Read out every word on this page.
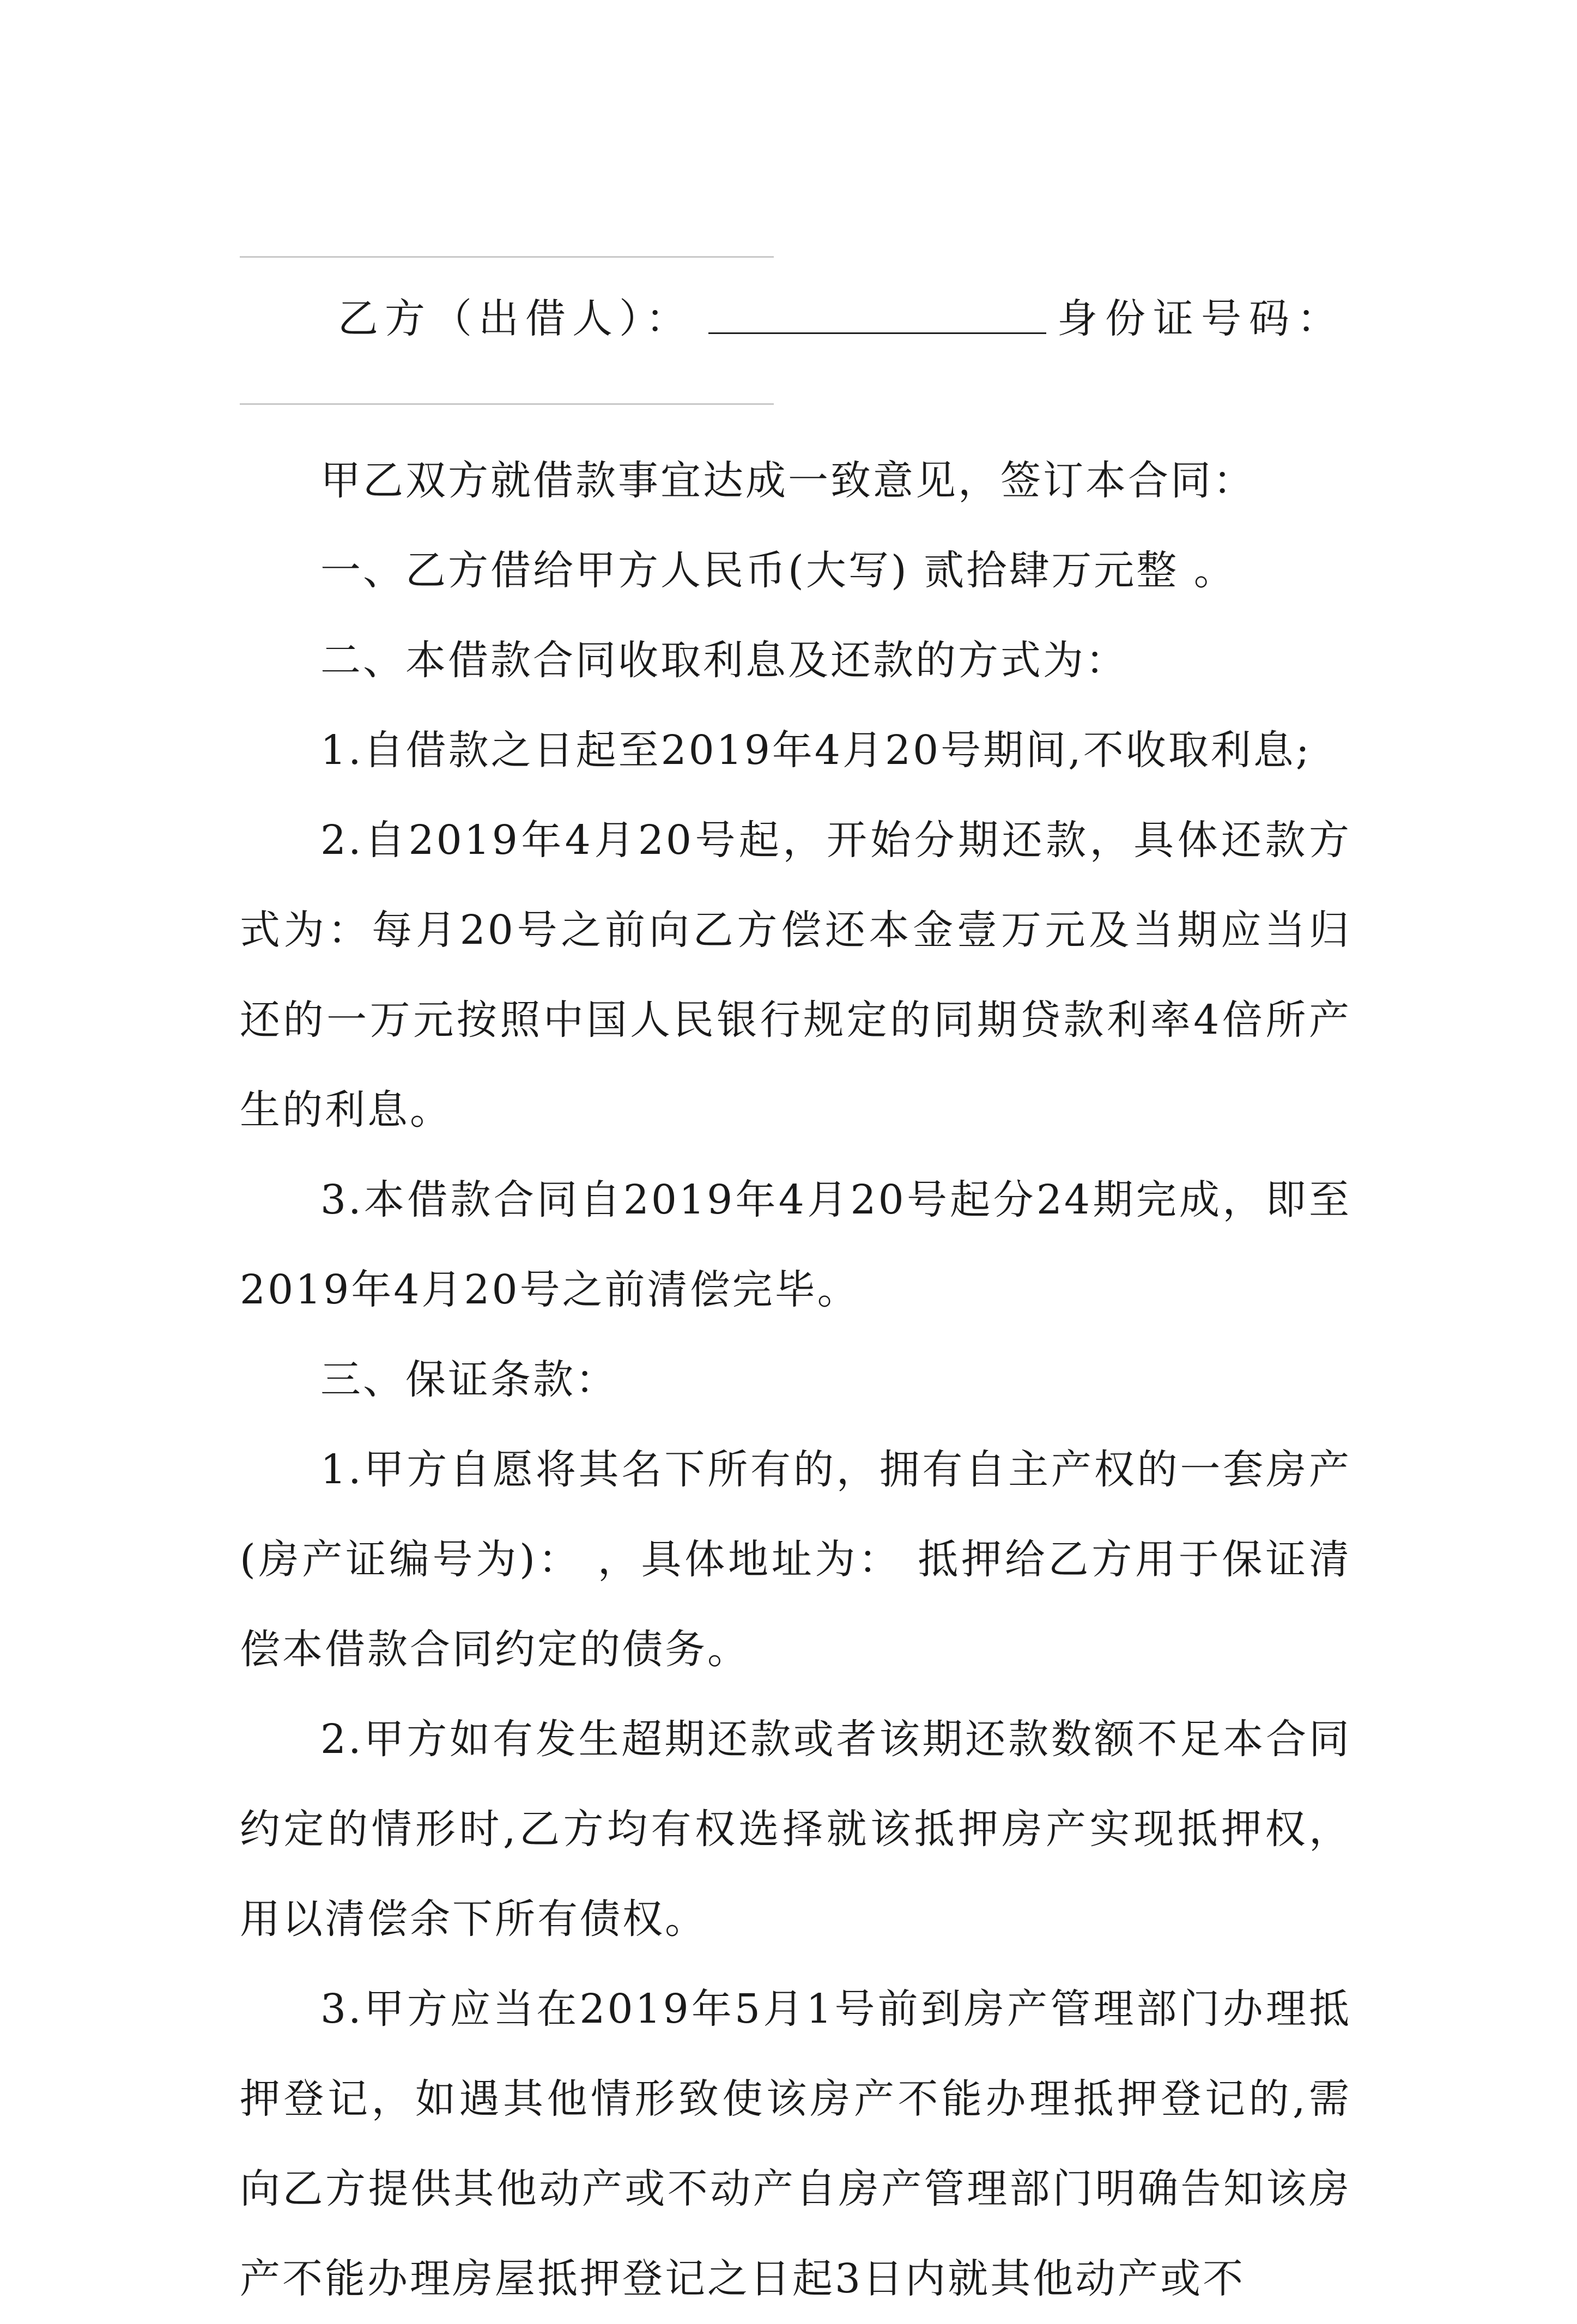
乙方（出借人）：	身份证号码：

甲乙双方就借款事宜达成一致意见，签订本合同：

一、乙方借给甲方人民币(大写) 贰拾肆万元整 。

二、本借款合同收取利息及还款的方式为：

1.自借款之日起至2019年4月20号期间,不收取利息;

2.自2019年4月20号起，开始分期还款，具体还款方式为：每月20号之前向乙方偿还本金壹万元及当期应当归还的一万元按照中国人民银行规定的同期贷款利率4倍所产生的利息。

3.本借款合同自2019年4月20号起分24期完成，即至2019年4月20号之前清偿完毕。

三、保证条款：

1.甲方自愿将其名下所有的，拥有自主产权的一套房产(房产证编号为)： ，具体地址为： 抵押给乙方用于保证清偿本借款合同约定的债务。

2.甲方如有发生超期还款或者该期还款数额不足本合同约定的情形时,乙方均有权选择就该抵押房产实现抵押权，用以清偿余下所有债权。

3.甲方应当在2019年5月1号前到房产管理部门办理抵押登记，如遇其他情形致使该房产不能办理抵押登记的,需向乙方提供其他动产或不动产自房产管理部门明确告知该房产不能办理房屋抵押登记之日起3日内就其他动产或不
